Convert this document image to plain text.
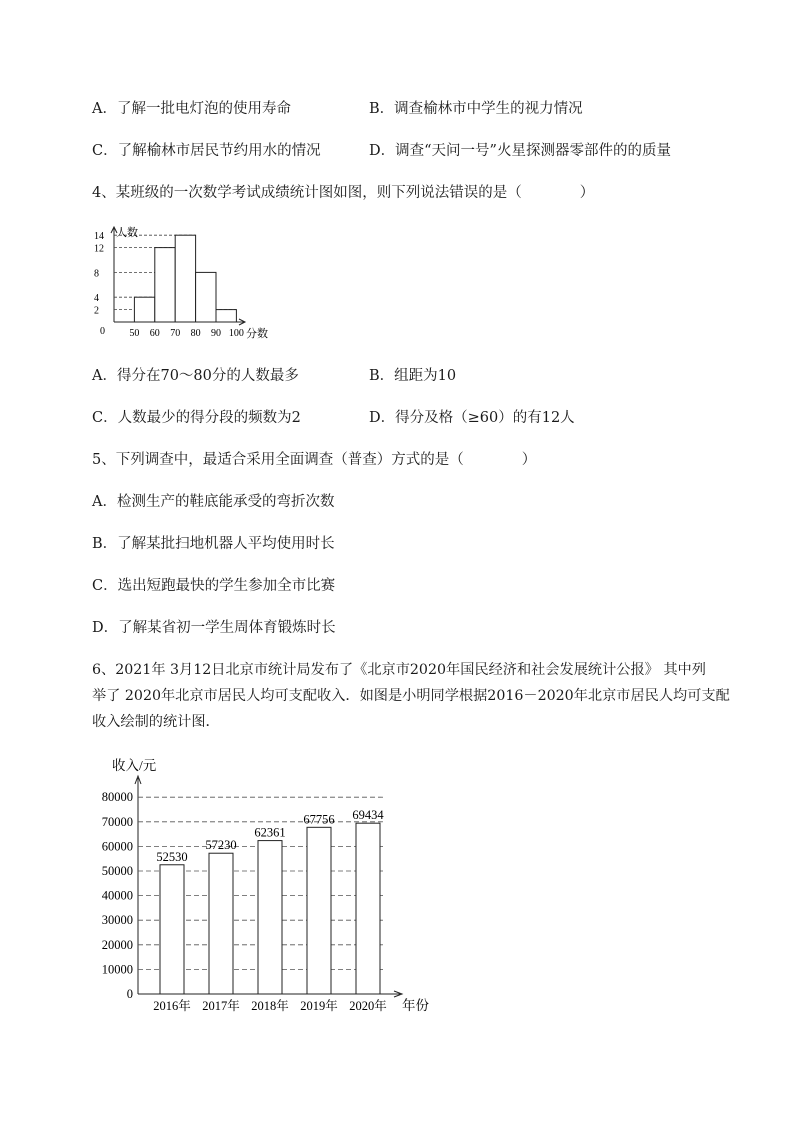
A．了解一批电灯泡的使用寿命	B．调查榆林市中学生的视力情况
C．了解榆林市居民节约用水的情况	D．调查“天问一号”火星探测器零部件的的质量
4、某班级的一次数学考试成绩统计图如图，则下列说法错误的是（　　　　）
2
4
8
12
14
0 50 60 70 80 90 100
人数
分数
A．得分在70～80分的人数最多	B．组距为10
C．人数最少的得分段的频数为2	D．得分及格（≥60）的有12人
5、下列调查中，最适合采用全面调查（普查）方式的是（　　　　）
A．检测生产的鞋底能承受的弯折次数
B．了解某批扫地机器人平均使用时长
C．选出短跑最快的学生参加全市比赛
D．了解某省初一学生周体育锻炼时长
6、2021年 3月12日北京市统计局发布了《北京市2020年国民经济和社会发展统计公报》 其中列
举了 2020年北京市居民人均可支配收入．如图是小明同学根据2016－2020年北京市居民人均可支配
收入绘制的统计图．
0
10000
20000
30000
40000
50000
60000
70000
80000
52530
2016年
57230
2017年
62361
2018年
67756
2019年
69434
2020年
收入/元
年份
